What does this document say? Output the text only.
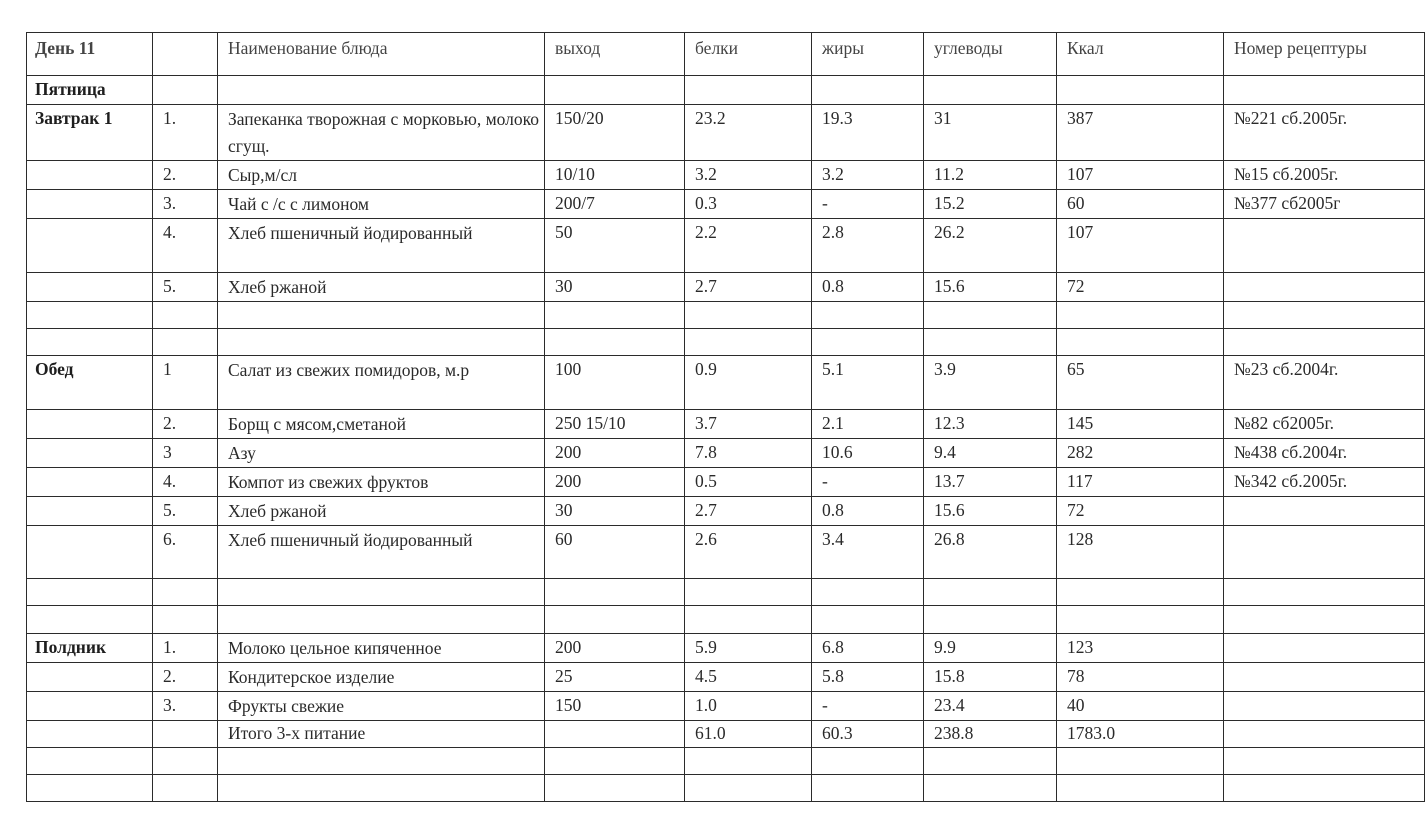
День 11		Наименование блюда	выход	белки	жиры	углеводы	Ккал	Номер рецептуры
Пятница								
Завтрак 1	1.	Запеканка творожная с морковью, молоко сгущ.	150/20	23.2	19.3	31	387	№221 сб.2005г.
	2.	Сыр,м/сл	10/10	3.2	3.2	11.2	107	№15 сб.2005г.
	3.	Чай с /с с лимоном	200/7	0.3	-	15.2	60	№377 сб2005г
	4.	Хлеб пшеничный йодированный	50	2.2	2.8	26.2	107	
	5.	Хлеб ржаной	30	2.7	0.8	15.6	72	

Обед	1	Салат из свежих помидоров, м.р	100	0.9	5.1	3.9	65	№23 сб.2004г.
	2.	Борщ с мясом,сметаной	250 15/10	3.7	2.1	12.3	145	№82 сб2005г.
	3	Азу	200	7.8	10.6	9.4	282	№438 сб.2004г.
	4.	Компот из свежих фруктов	200	0.5	-	13.7	117	№342 сб.2005г.
	5.	Хлеб ржаной	30	2.7	0.8	15.6	72	
	6.	Хлеб пшеничный йодированный	60	2.6	3.4	26.8	128	

Полдник	1.	Молоко цельное кипяченное	200	5.9	6.8	9.9	123	
	2.	Кондитерское изделие	25	4.5	5.8	15.8	78	
	3.	Фрукты свежие	150	1.0	-	23.4	40	
		Итого 3-х питание		61.0	60.3	238.8	1783.0	
